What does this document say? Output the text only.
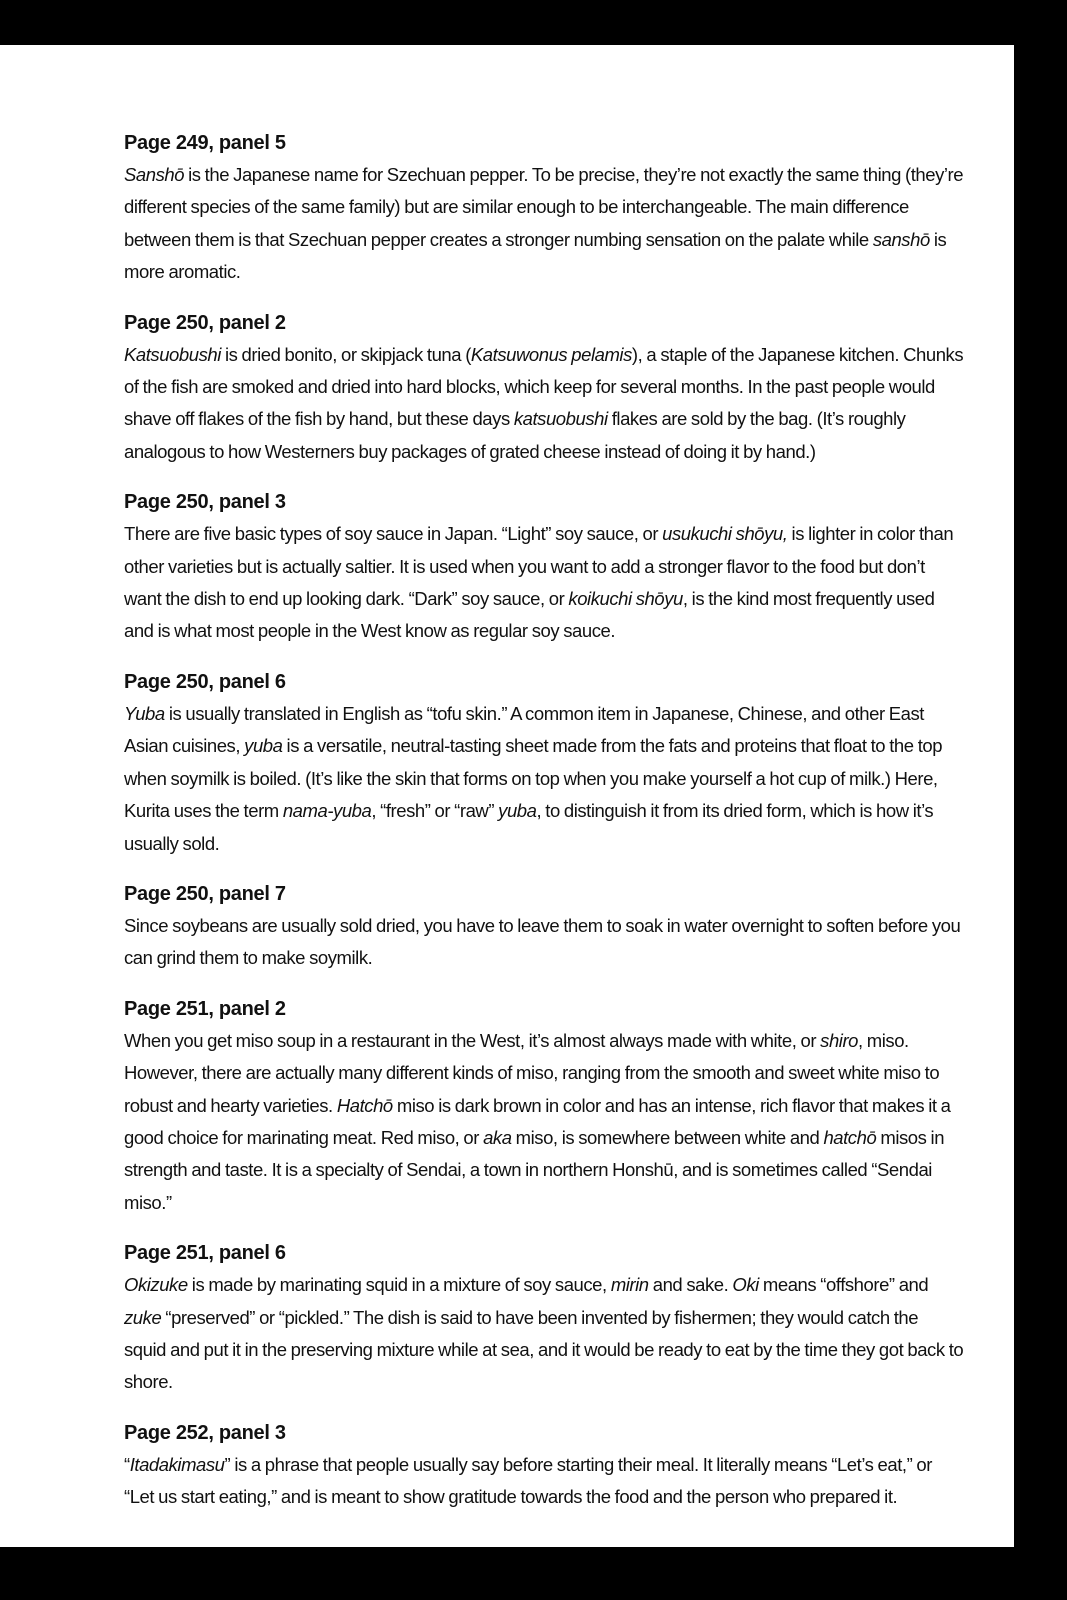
Page 249, panel 5

Sanshō is the Japanese name for Szechuan pepper. To be precise, they’re not exactly the same thing (they’re different species of the same family) but are similar enough to be interchangeable. The main difference between them is that Szechuan pepper creates a stronger numbing sensation on the palate while sanshō is more aromatic.

Page 250, panel 2

Katsuobushi is dried bonito, or skipjack tuna (Katsuwonus pelamis), a staple of the Japanese kitchen. Chunks of the fish are smoked and dried into hard blocks, which keep for several months. In the past people would shave off flakes of the fish by hand, but these days katsuobushi flakes are sold by the bag. (It’s roughly analogous to how Westerners buy packages of grated cheese instead of doing it by hand.)

Page 250, panel 3

There are five basic types of soy sauce in Japan. “Light” soy sauce, or usukuchi shōyu, is lighter in color than other varieties but is actually saltier. It is used when you want to add a stronger flavor to the food but don’t want the dish to end up looking dark. “Dark” soy sauce, or koikuchi shōyu, is the kind most frequently used and is what most people in the West know as regular soy sauce.

Page 250, panel 6

Yuba is usually translated in English as “tofu skin.” A common item in Japanese, Chinese, and other East Asian cuisines, yuba is a versatile, neutral-tasting sheet made from the fats and proteins that float to the top when soymilk is boiled. (It’s like the skin that forms on top when you make yourself a hot cup of milk.) Here, Kurita uses the term nama-yuba, “fresh” or “raw” yuba, to distinguish it from its dried form, which is how it’s usually sold.

Page 250, panel 7

Since soybeans are usually sold dried, you have to leave them to soak in water overnight to soften before you can grind them to make soymilk.

Page 251, panel 2

When you get miso soup in a restaurant in the West, it’s almost always made with white, or shiro, miso. However, there are actually many different kinds of miso, ranging from the smooth and sweet white miso to robust and hearty varieties. Hatchō miso is dark brown in color and has an intense, rich flavor that makes it a good choice for marinating meat. Red miso, or aka miso, is somewhere between white and hatchō misos in strength and taste. It is a specialty of Sendai, a town in northern Honshū, and is sometimes called “Sendai miso.”

Page 251, panel 6

Okizuke is made by marinating squid in a mixture of soy sauce, mirin and sake. Oki means “offshore” and zuke “preserved” or “pickled.” The dish is said to have been invented by fishermen; they would catch the squid and put it in the preserving mixture while at sea, and it would be ready to eat by the time they got back to shore.

Page 252, panel 3

“Itadakimasu” is a phrase that people usually say before starting their meal. It literally means “Let’s eat,” or “Let us start eating,” and is meant to show gratitude towards the food and the person who prepared it.
